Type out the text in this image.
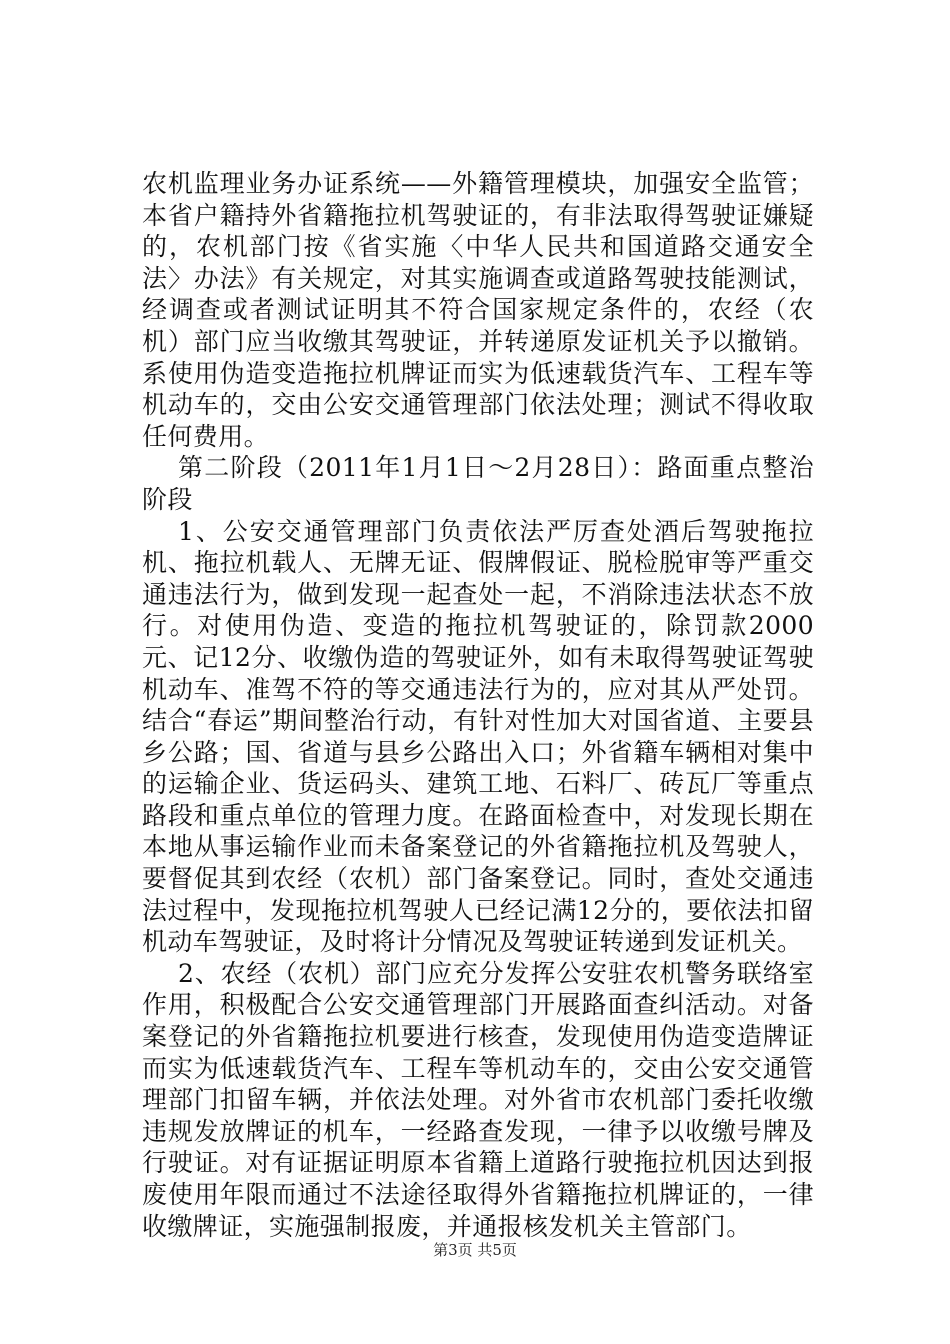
农机监理业务办证系统——外籍管理模块，加强安全监管；本省户籍持外省籍拖拉机驾驶证的，有非法取得驾驶证嫌疑的，农机部门按《省实施〈中华人民共和国道路交通安全法〉办法》有关规定，对其实施调查或道路驾驶技能测试，经调查或者测试证明其不符合国家规定条件的，农经（农机）部门应当收缴其驾驶证，并转递原发证机关予以撤销。系使用伪造变造拖拉机牌证而实为低速载货汽车、工程车等机动车的，交由公安交通管理部门依法处理；测试不得收取任何费用。

第二阶段（2011年1月1日～2月28日）：路面重点整治阶段

1、公安交通管理部门负责依法严厉查处酒后驾驶拖拉机、拖拉机载人、无牌无证、假牌假证、脱检脱审等严重交通违法行为，做到发现一起查处一起，不消除违法状态不放行。对使用伪造、变造的拖拉机驾驶证的，除罚款2000元、记12分、收缴伪造的驾驶证外，如有未取得驾驶证驾驶机动车、准驾不符的等交通违法行为的，应对其从严处罚。结合“春运”期间整治行动，有针对性加大对国省道、主要县乡公路；国、省道与县乡公路出入口；外省籍车辆相对集中的运输企业、货运码头、建筑工地、石料厂、砖瓦厂等重点路段和重点单位的管理力度。在路面检查中，对发现长期在本地从事运输作业而未备案登记的外省籍拖拉机及驾驶人，要督促其到农经（农机）部门备案登记。同时，查处交通违法过程中，发现拖拉机驾驶人已经记满12分的，要依法扣留机动车驾驶证，及时将计分情况及驾驶证转递到发证机关。

2、农经（农机）部门应充分发挥公安驻农机警务联络室作用，积极配合公安交通管理部门开展路面查纠活动。对备案登记的外省籍拖拉机要进行核查，发现使用伪造变造牌证而实为低速载货汽车、工程车等机动车的，交由公安交通管理部门扣留车辆，并依法处理。对外省市农机部门委托收缴违规发放牌证的机车，一经路查发现，一律予以收缴号牌及行驶证。对有证据证明原本省籍上道路行驶拖拉机因达到报废使用年限而通过不法途径取得外省籍拖拉机牌证的，一律收缴牌证，实施强制报废，并通报核发机关主管部门。

第3页 共5页
